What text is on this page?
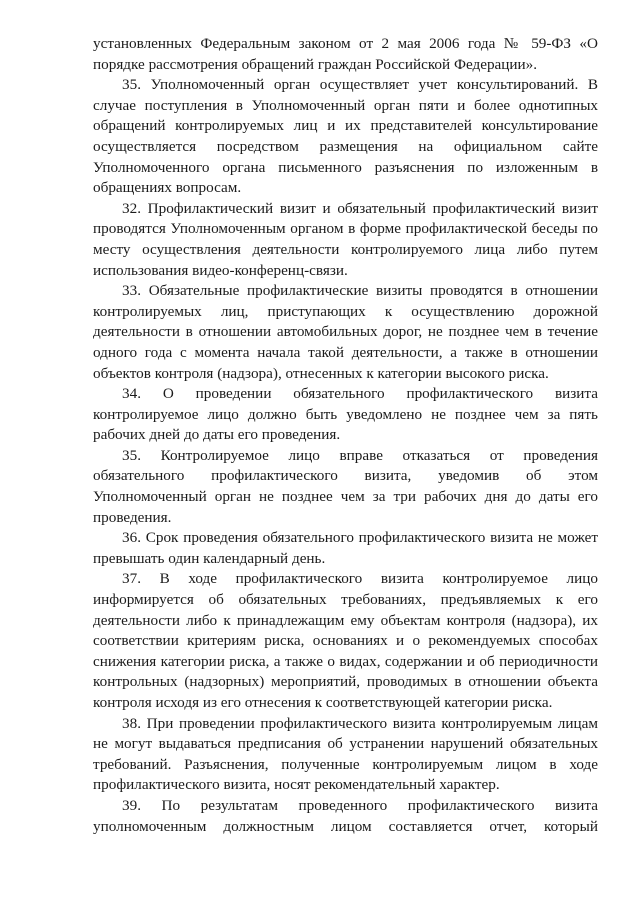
установленных Федеральным законом от 2 мая 2006 года № 59-ФЗ «О порядке рассмотрения обращений граждан Российской Федерации».

35. Уполномоченный орган осуществляет учет консультирований. В случае поступления в Уполномоченный орган пяти и более однотипных обращений контролируемых лиц и их представителей консультирование осуществляется посредством размещения на официальном сайте Уполномоченного органа письменного разъяснения по изложенным в обращениях вопросам.

32. Профилактический визит и обязательный профилактический визит проводятся Уполномоченным органом в форме профилактической беседы по месту осуществления деятельности контролируемого лица либо путем использования видео-конференц-связи.

33. Обязательные профилактические визиты проводятся в отношении контролируемых лиц, приступающих к осуществлению дорожной деятельности в отношении автомобильных дорог, не позднее чем в течение одного года с момента начала такой деятельности, а также в отношении объектов контроля (надзора), отнесенных к категории высокого риска.

34. О проведении обязательного профилактического визита контролируемое лицо должно быть уведомлено не позднее чем за пять рабочих дней до даты его проведения.

35. Контролируемое лицо вправе отказаться от проведения обязательного профилактического визита, уведомив об этом Уполномоченный орган не позднее чем за три рабочих дня до даты его проведения.

36. Срок проведения обязательного профилактического визита не может превышать один календарный день.

37. В ходе профилактического визита контролируемое лицо информируется об обязательных требованиях, предъявляемых к его деятельности либо к принадлежащим ему объектам контроля (надзора), их соответствии критериям риска, основаниях и о рекомендуемых способах снижения категории риска, а также о видах, содержании и об периодичности контрольных (надзорных) мероприятий, проводимых в отношении объекта контроля исходя из его отнесения к соответствующей категории риска.

38. При проведении профилактического визита контролируемым лицам не могут выдаваться предписания об устранении нарушений обязательных требований. Разъяснения, полученные контролируемым лицом в ходе профилактического визита, носят рекомендательный характер.

39. По результатам проведенного профилактического визита уполномоченным должностным лицом составляется отчет, который
